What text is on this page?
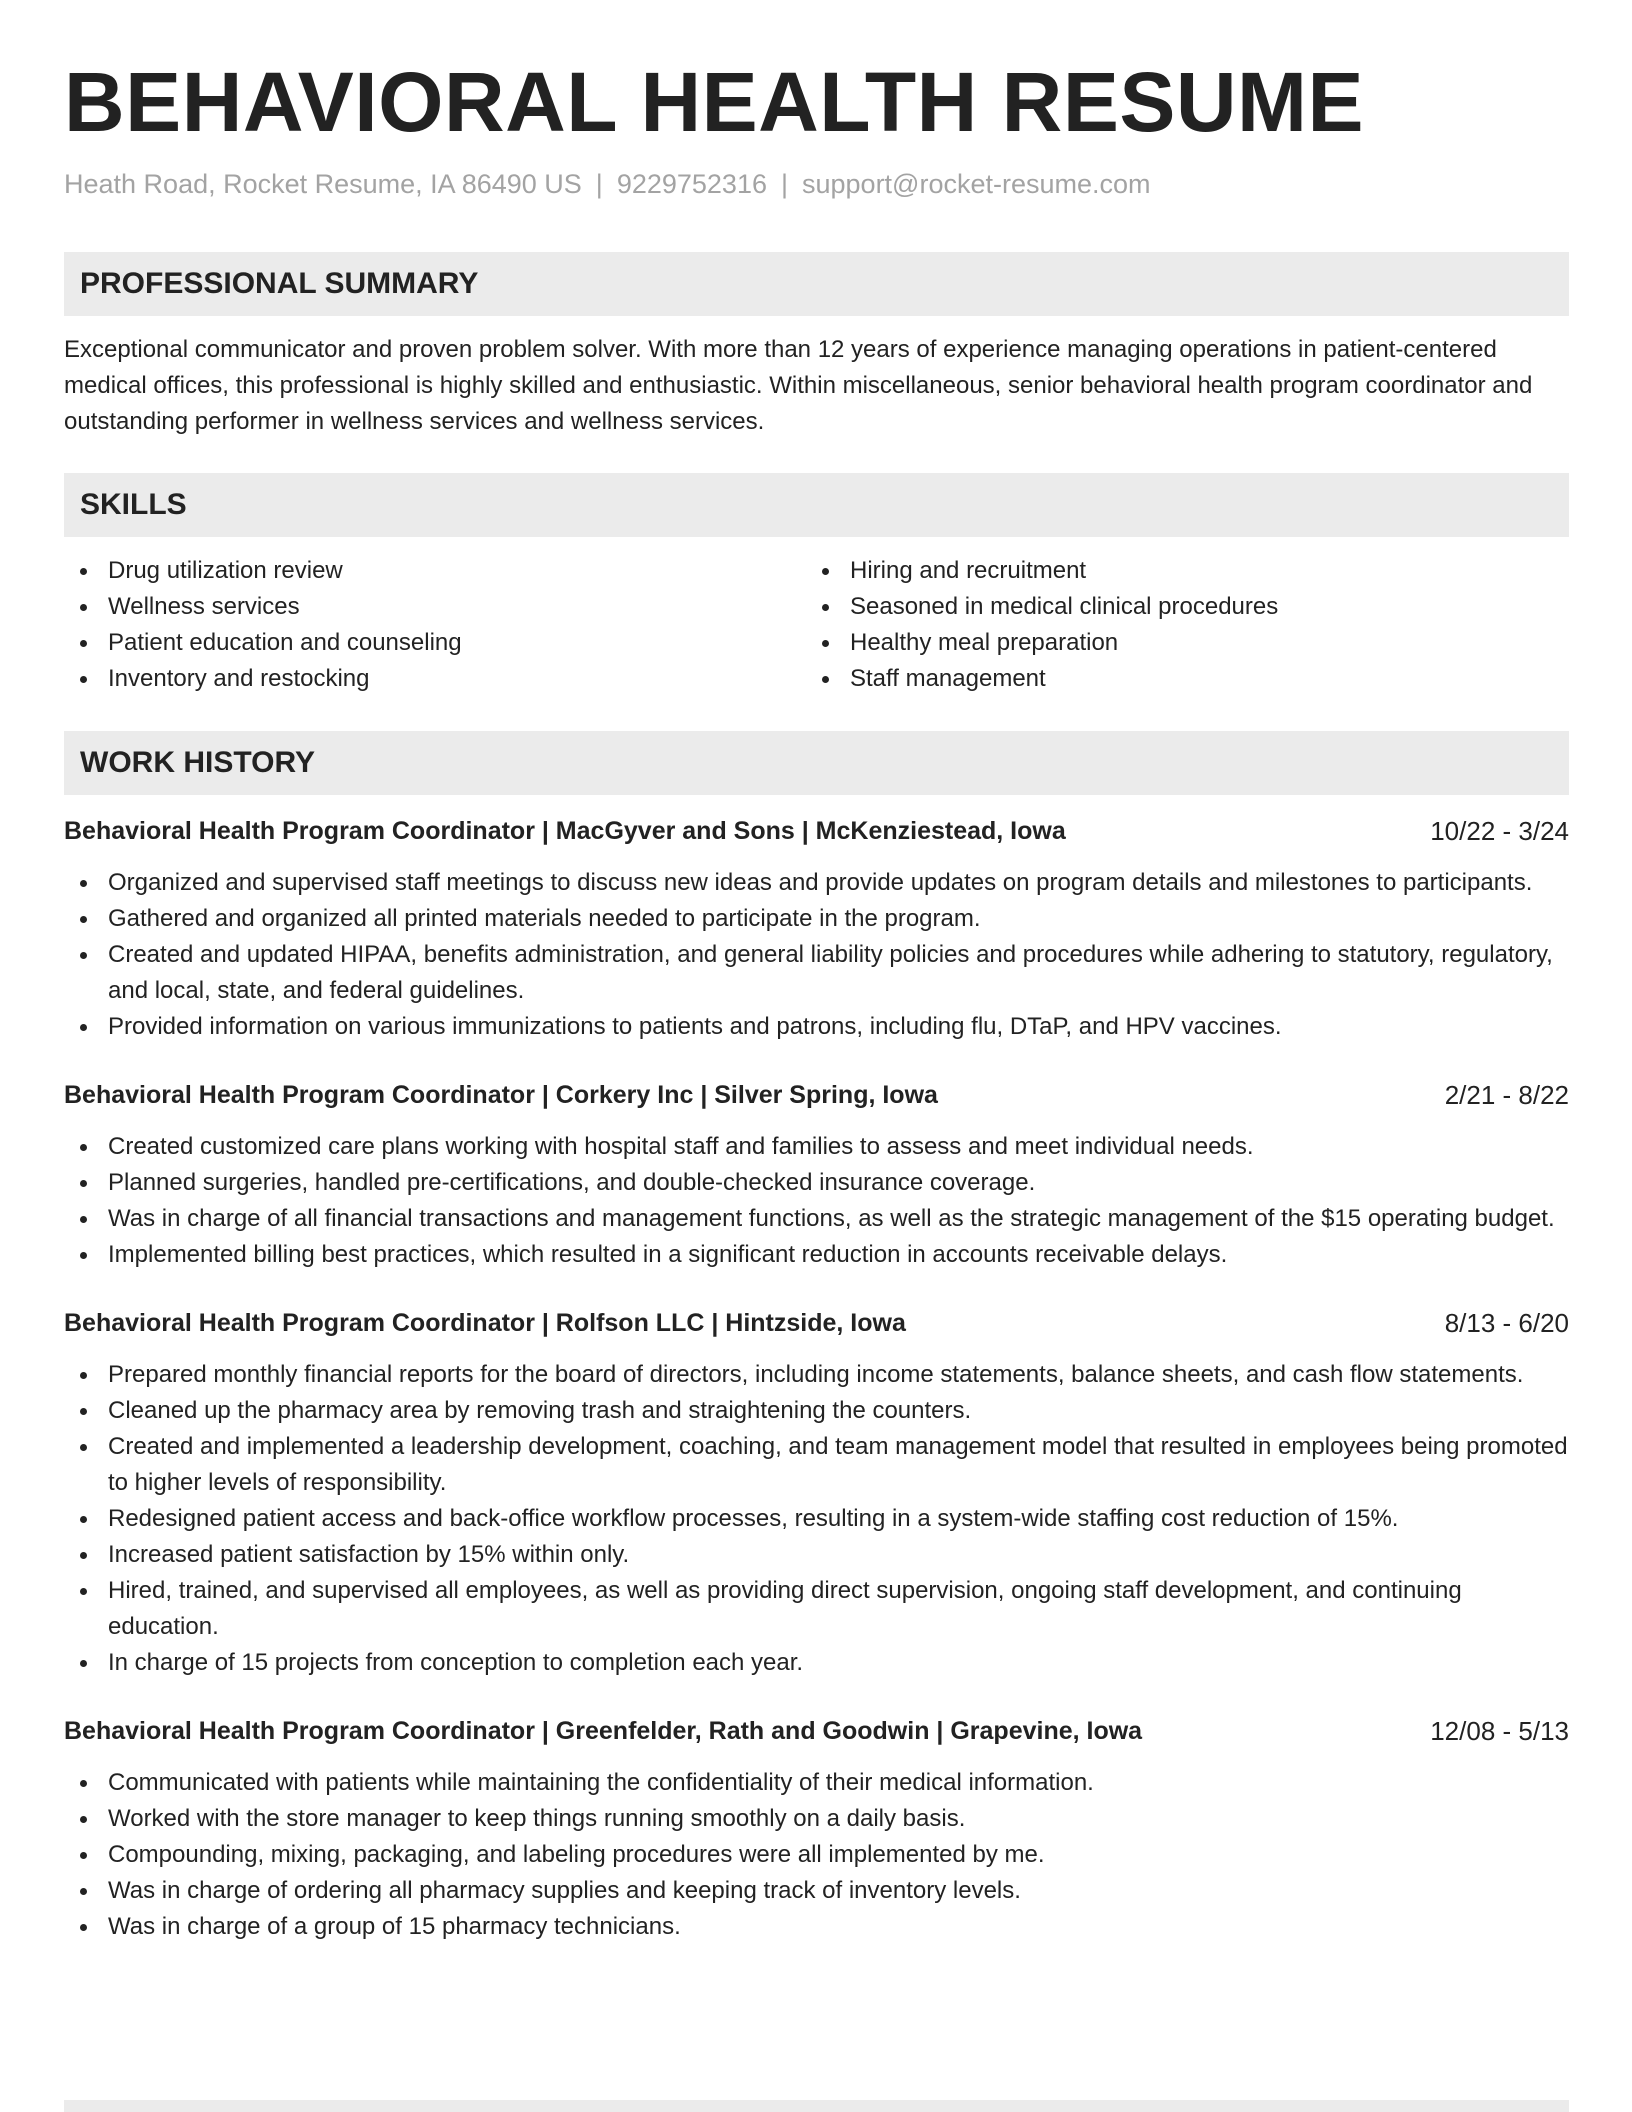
BEHAVIORAL HEALTH RESUME
Heath Road, Rocket Resume, IA 86490 US | 9229752316 | support@rocket-resume.com
PROFESSIONAL SUMMARY
Exceptional communicator and proven problem solver. With more than 12 years of experience managing operations in patient-centered medical offices, this professional is highly skilled and enthusiastic. Within miscellaneous, senior behavioral health program coordinator and outstanding performer in wellness services and wellness services.
SKILLS
Drug utilization review
Wellness services
Patient education and counseling
Inventory and restocking
Hiring and recruitment
Seasoned in medical clinical procedures
Healthy meal preparation
Staff management
WORK HISTORY
Behavioral Health Program Coordinator | MacGyver and Sons | McKenziestead, Iowa	10/22 - 3/24
Organized and supervised staff meetings to discuss new ideas and provide updates on program details and milestones to participants.
Gathered and organized all printed materials needed to participate in the program.
Created and updated HIPAA, benefits administration, and general liability policies and procedures while adhering to statutory, regulatory, and local, state, and federal guidelines.
Provided information on various immunizations to patients and patrons, including flu, DTaP, and HPV vaccines.
Behavioral Health Program Coordinator | Corkery Inc | Silver Spring, Iowa	2/21 - 8/22
Created customized care plans working with hospital staff and families to assess and meet individual needs.
Planned surgeries, handled pre-certifications, and double-checked insurance coverage.
Was in charge of all financial transactions and management functions, as well as the strategic management of the $15 operating budget.
Implemented billing best practices, which resulted in a significant reduction in accounts receivable delays.
Behavioral Health Program Coordinator | Rolfson LLC | Hintzside, Iowa	8/13 - 6/20
Prepared monthly financial reports for the board of directors, including income statements, balance sheets, and cash flow statements.
Cleaned up the pharmacy area by removing trash and straightening the counters.
Created and implemented a leadership development, coaching, and team management model that resulted in employees being promoted to higher levels of responsibility.
Redesigned patient access and back-office workflow processes, resulting in a system-wide staffing cost reduction of 15%.
Increased patient satisfaction by 15% within only.
Hired, trained, and supervised all employees, as well as providing direct supervision, ongoing staff development, and continuing education.
In charge of 15 projects from conception to completion each year.
Behavioral Health Program Coordinator | Greenfelder, Rath and Goodwin | Grapevine, Iowa	12/08 - 5/13
Communicated with patients while maintaining the confidentiality of their medical information.
Worked with the store manager to keep things running smoothly on a daily basis.
Compounding, mixing, packaging, and labeling procedures were all implemented by me.
Was in charge of ordering all pharmacy supplies and keeping track of inventory levels.
Was in charge of a group of 15 pharmacy technicians.
